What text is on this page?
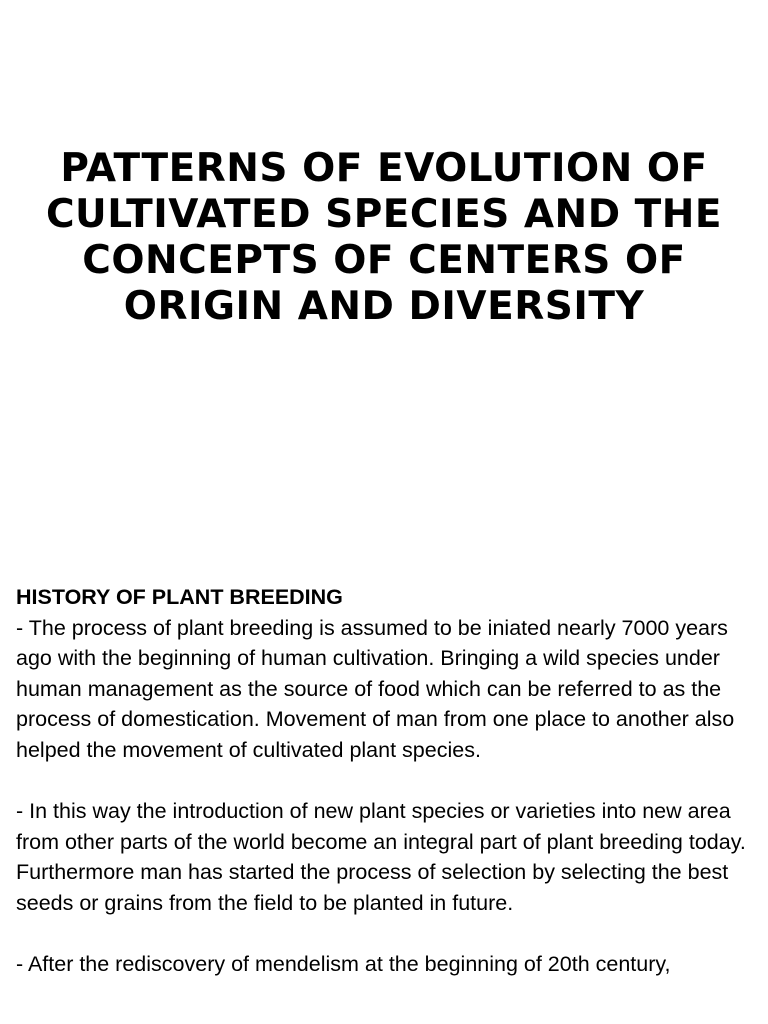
PATTERNS OF EVOLUTION OF CULTIVATED SPECIES AND THE CONCEPTS OF CENTERS OF ORIGIN AND DIVERSITY

HISTORY OF PLANT BREEDING

- The process of plant breeding is assumed to be iniated nearly 7000 years ago with the beginning of human cultivation. Bringing a wild species under human management as the source of food which can be referred to as the process of domestication. Movement of man from one place to another also helped the movement of cultivated plant species.

- In this way the introduction of new plant species or varieties into new area from other parts of the world become an integral part of plant breeding today. Furthermore man has started the process of selection by selecting the best seeds or grains from the field to be planted in future.

- After the rediscovery of mendelism at the beginning of 20th century,
